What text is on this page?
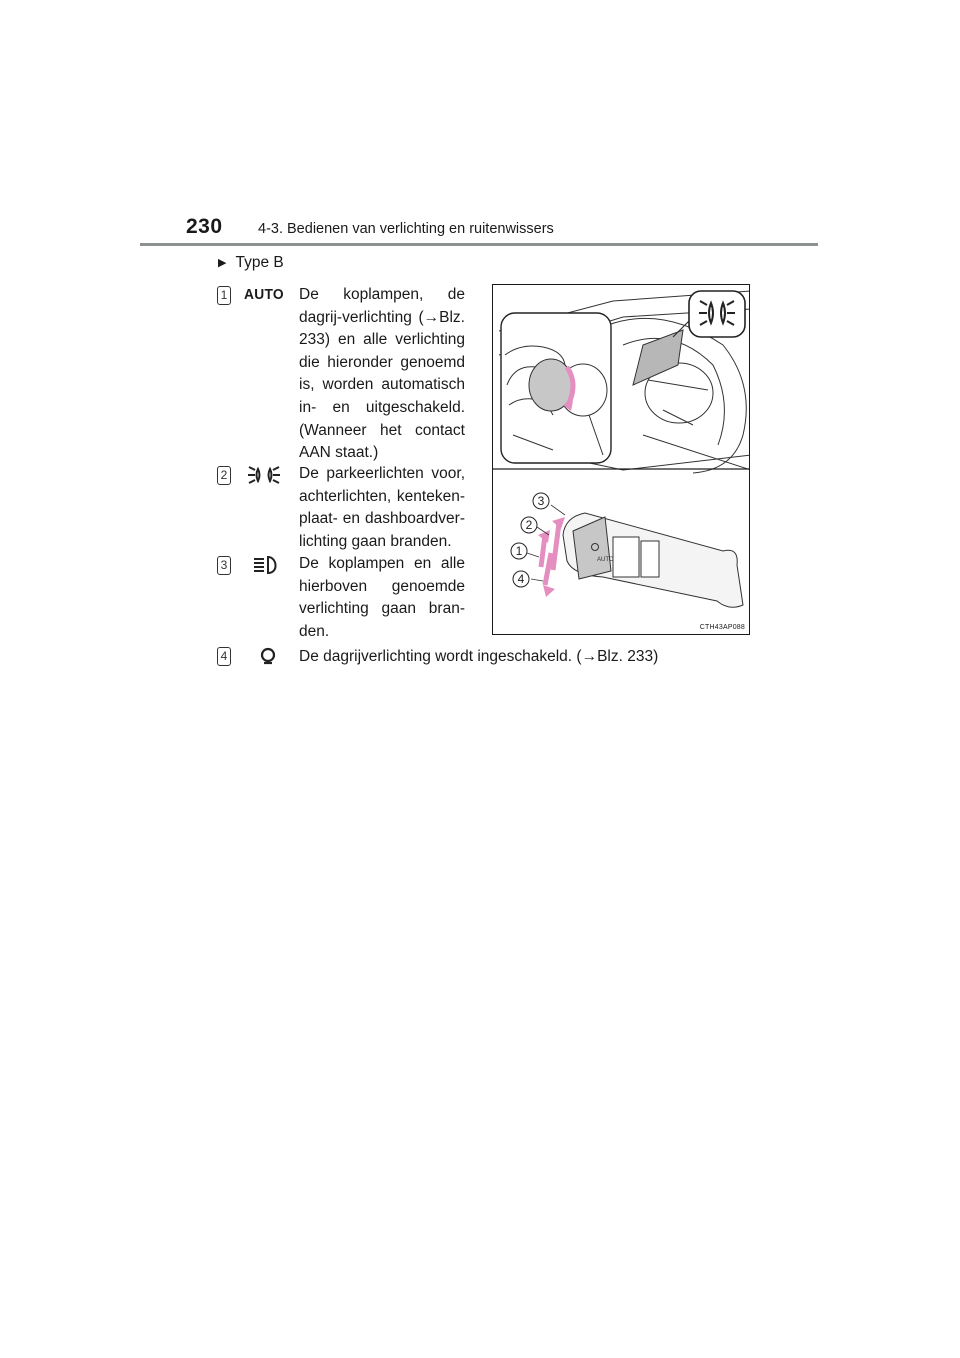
230 4-3. Bedienen van verlichting en ruitenwissers
▶ Type B
1 AUTO De koplampen, de dagrij-verlichting (→Blz. 233) en alle verlichting die hieronder genoemd is, worden automatisch in- en uitgeschakeld. (Wanneer het contact AAN staat.)
2	De parkeerlichten voor, achterlichten, kenteken-plaat- en dashboardver-lichting gaan branden.
3	De koplampen en alle hierboven genoemde verlichting gaan bran-den.
4	De dagrijverlichting wordt ingeschakeld. (→Blz. 233)
AUTO
3
2
1
4
CTH43AP088
